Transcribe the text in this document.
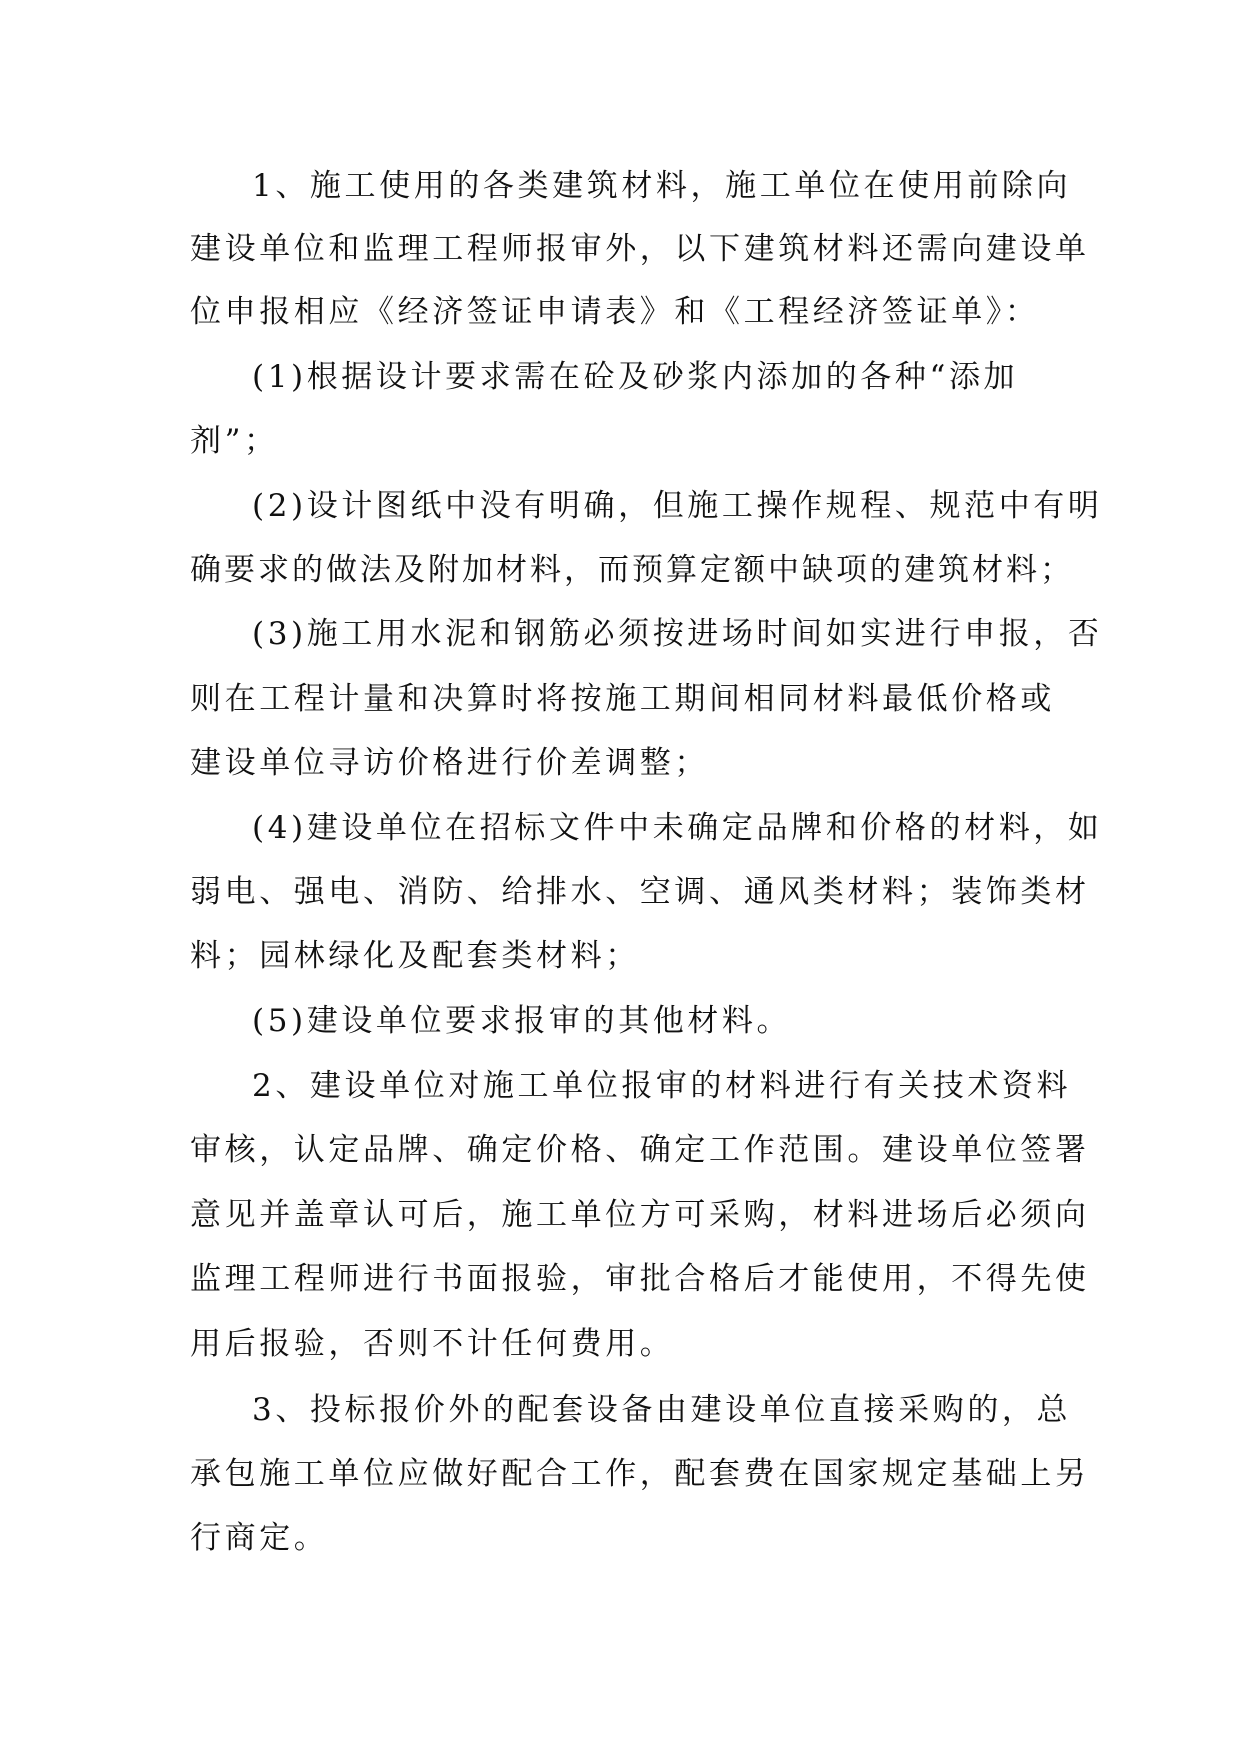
1、施工使用的各类建筑材料，施工单位在使用前除向
建设单位和监理工程师报审外，以下建筑材料还需向建设单
位申报相应《经济签证申请表》和《工程经济签证单》：
(1)根据设计要求需在砼及砂浆内添加的各种“添加
剂”；
(2)设计图纸中没有明确，但施工操作规程、规范中有明
确要求的做法及附加材料，而预算定额中缺项的建筑材料；
(3)施工用水泥和钢筋必须按进场时间如实进行申报，否
则在工程计量和决算时将按施工期间相同材料最低价格或
建设单位寻访价格进行价差调整；
(4)建设单位在招标文件中未确定品牌和价格的材料，如
弱电、强电、消防、给排水、空调、通风类材料；装饰类材
料；园林绿化及配套类材料；
(5)建设单位要求报审的其他材料。
2、建设单位对施工单位报审的材料进行有关技术资料
审核，认定品牌、确定价格、确定工作范围。建设单位签署
意见并盖章认可后，施工单位方可采购，材料进场后必须向
监理工程师进行书面报验，审批合格后才能使用，不得先使
用后报验，否则不计任何费用。
3、投标报价外的配套设备由建设单位直接采购的，总
承包施工单位应做好配合工作，配套费在国家规定基础上另
行商定。
